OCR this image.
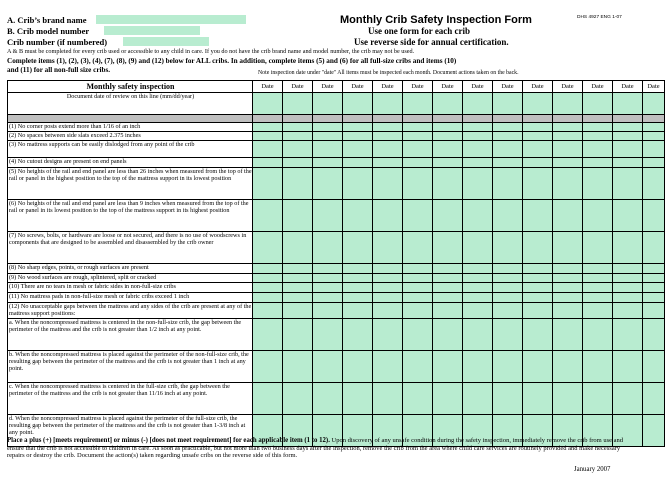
A. Crib’s brand name
B. Crib model number
Crib number (if numbered)
DHS 4927 ENG 1-07
Monthly Crib Safety Inspection Form
Use one form for each crib
Use reverse side for annual certification.
A & B must be completed for every crib used or accessible to any child in care. If you do not have the crib brand name and model number, the crib may not be used.
Complete items (1), (2), (3), (4), (7), (8), (9) and (12) below for ALL cribs. In addition, complete items (5) and (6) for all full-size cribs and items (10)
and (11) for all non-full size cribs.	Note inspection date under "date" All items must be inspected each month. Document actions taken on the back.
Monthly safety inspection	Date	Date	Date	Date	Date	Date	Date	Date	Date	Date	Date	Date	Date	Date
Document date of review on this line (mm/dd/year)														

(1) No corner posts extend more than 1/16 of an inch														
(2) No spaces between side slats exceed 2.375 inches														
(3) No mattress supports can be easily dislodged from any point of the crib														
(4) No cutout designs are present on end panels														
(5) No heights of the rail and end panel are less than 26 inches when measured from the top of the rail or panel in the highest position to the top of the mattress support in its lowest position														
(6) No heights of the rail and end panel are less than 9 inches when measured from the top of the rail or panel in its lowest position to the top of the mattress support in its highest position														
(7) No screws, bolts, or hardware are loose or not secured, and there is no use of woodscrews in components that are designed to be assembled and disassembled by the crib owner														
(8) No sharp edges, points, or rough surfaces are present														
(9) No wood surfaces are rough, splintered, split or cracked														
(10) There are no tears in mesh or fabric sides in non-full-size cribs														
(11) No mattress pads in non-full-size mesh or fabric cribs exceed 1 inch														
(12) No unacceptable gaps between the mattress and any sides of the crib are present at any of the mattress support positions:														
a. When the noncompressed mattress is centered in the non-full-size crib, the gap between the perimeter of the mattress and the crib is not greater than 1/2 inch at any point.														
b. When the noncompressed mattress is placed against the perimeter of the non-full-size crib, the resulting gap between the perimeter of the mattress and the crib is not greater than 1 inch at any point.														
c. When the noncompressed mattress is centered in the full-size crib, the gap between the perimeter of the mattress and the crib is not greater than 11/16 inch at any point.														
d. When the noncompressed mattress is placed against the perimeter of the full-size crib, the resulting gap between the perimeter of the mattress and the crib is not greater than 1-3/8 inch at any point.														
Place a plus (+) [meets requirement] or minus (-) [does not meet requirement] for each applicable item (1 to 12). Upon discovery of any unsafe condition during the safety inspection, immediately remove the crib from use and ensure that the crib is not accessible to children in care. As soon as practicable, but not more than two business days after the inspection, remove the crib from the area where child care services are routinely provided and make necessary repairs or destroy the crib. Document the action(s) taken regarding unsafe cribs on the reverse side of this form.
January 2007
